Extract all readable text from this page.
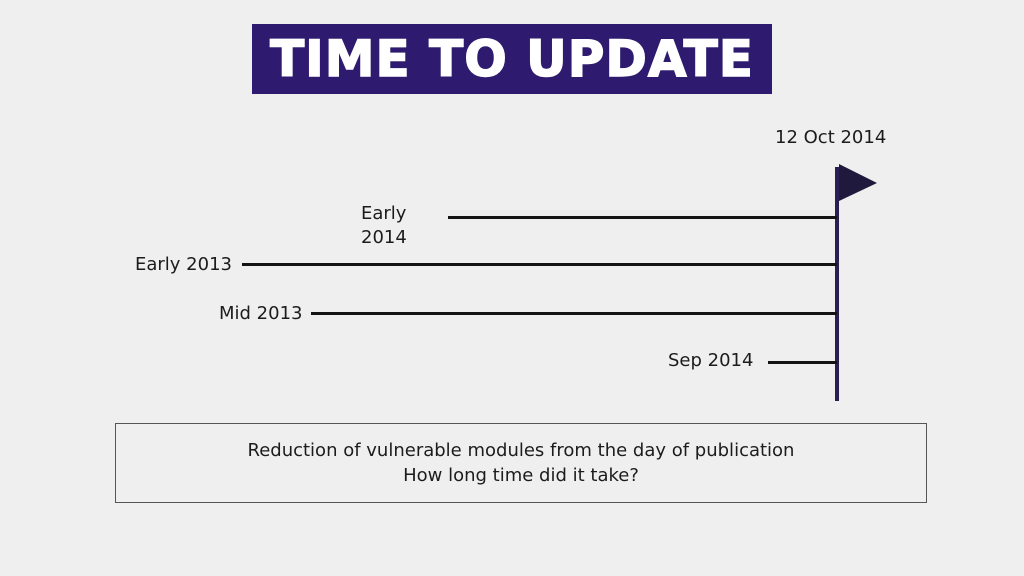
TIME TO UPDATE
12 Oct 2014
Early
2014
Early 2013
Mid 2013
Sep 2014
Reduction of vulnerable modules from the day of publication
How long time did it take?
